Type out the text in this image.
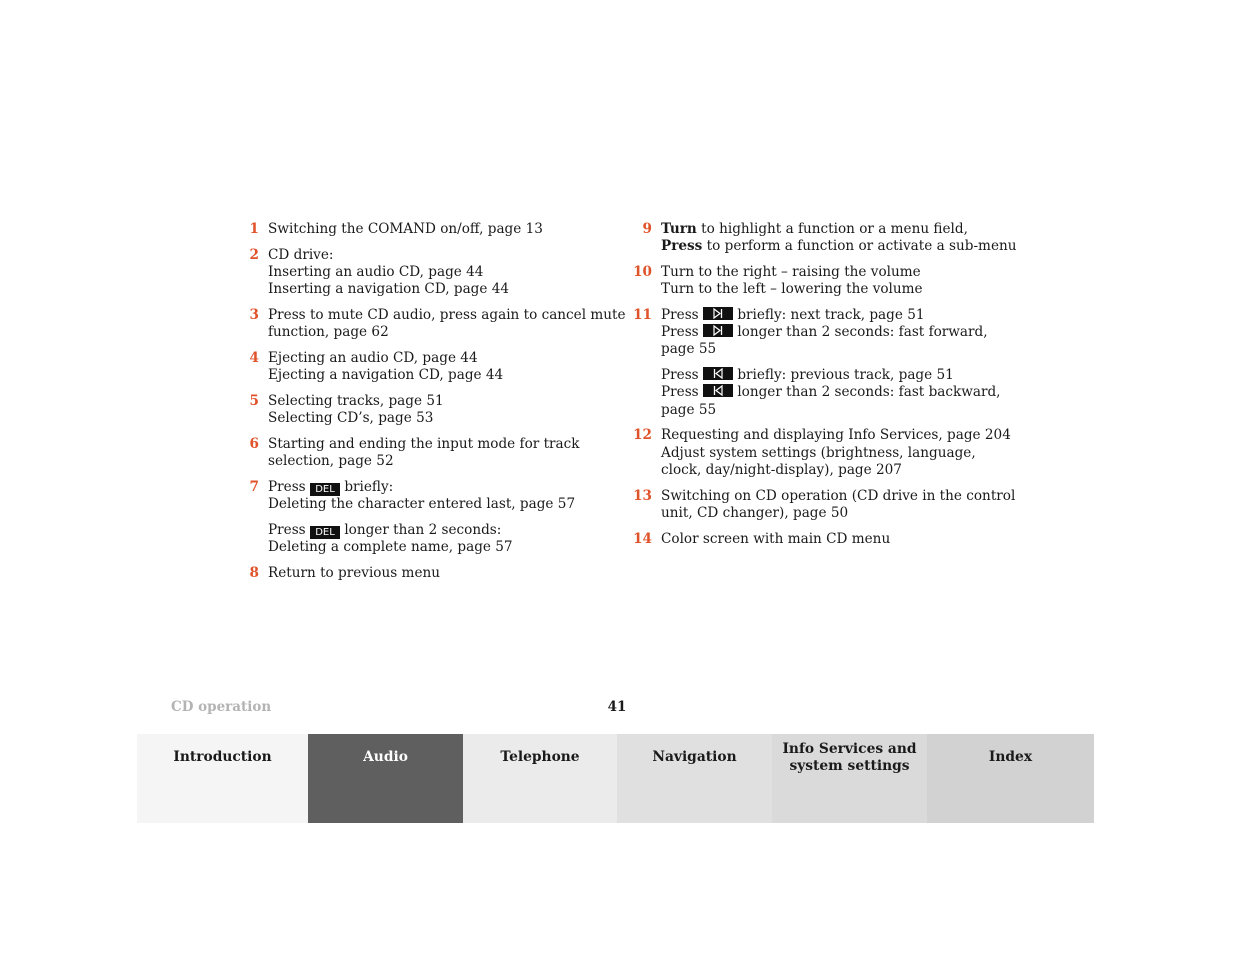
1 Switching the COMAND on/off, page 13
2 CD drive:
Inserting an audio CD, page 44
Inserting a navigation CD, page 44
3 Press to mute CD audio, press again to cancel mute
function, page 62
4 Ejecting an audio CD, page 44
Ejecting a navigation CD, page 44
5 Selecting tracks, page 51
Selecting CD’s, page 53
6 Starting and ending the input mode for track
selection, page 52
7 Press DEL briefly:
Deleting the character entered last, page 57
Press DEL longer than 2 seconds:
Deleting a complete name, page 57
8 Return to previous menu
9 Turn to highlight a function or a menu field,
Press to perform a function or activate a sub-menu
10 Turn to the right – raising the volume
Turn to the left – lowering the volume
11 Press	briefly: next track, page 51
Press	longer than 2 seconds: fast forward,
page 55
Press	briefly: previous track, page 51
Press	longer than 2 seconds: fast backward,
page 55
12 Requesting and displaying Info Services, page 204
Adjust system settings (brightness, language,
clock, day/night-display), page 207
13 Switching on CD operation (CD drive in the control
unit, CD changer), page 50
14 Color screen with main CD menu
CD operation	41
Introduction	Audio	Telephone	Navigation	Info Services and
system settings
Index
